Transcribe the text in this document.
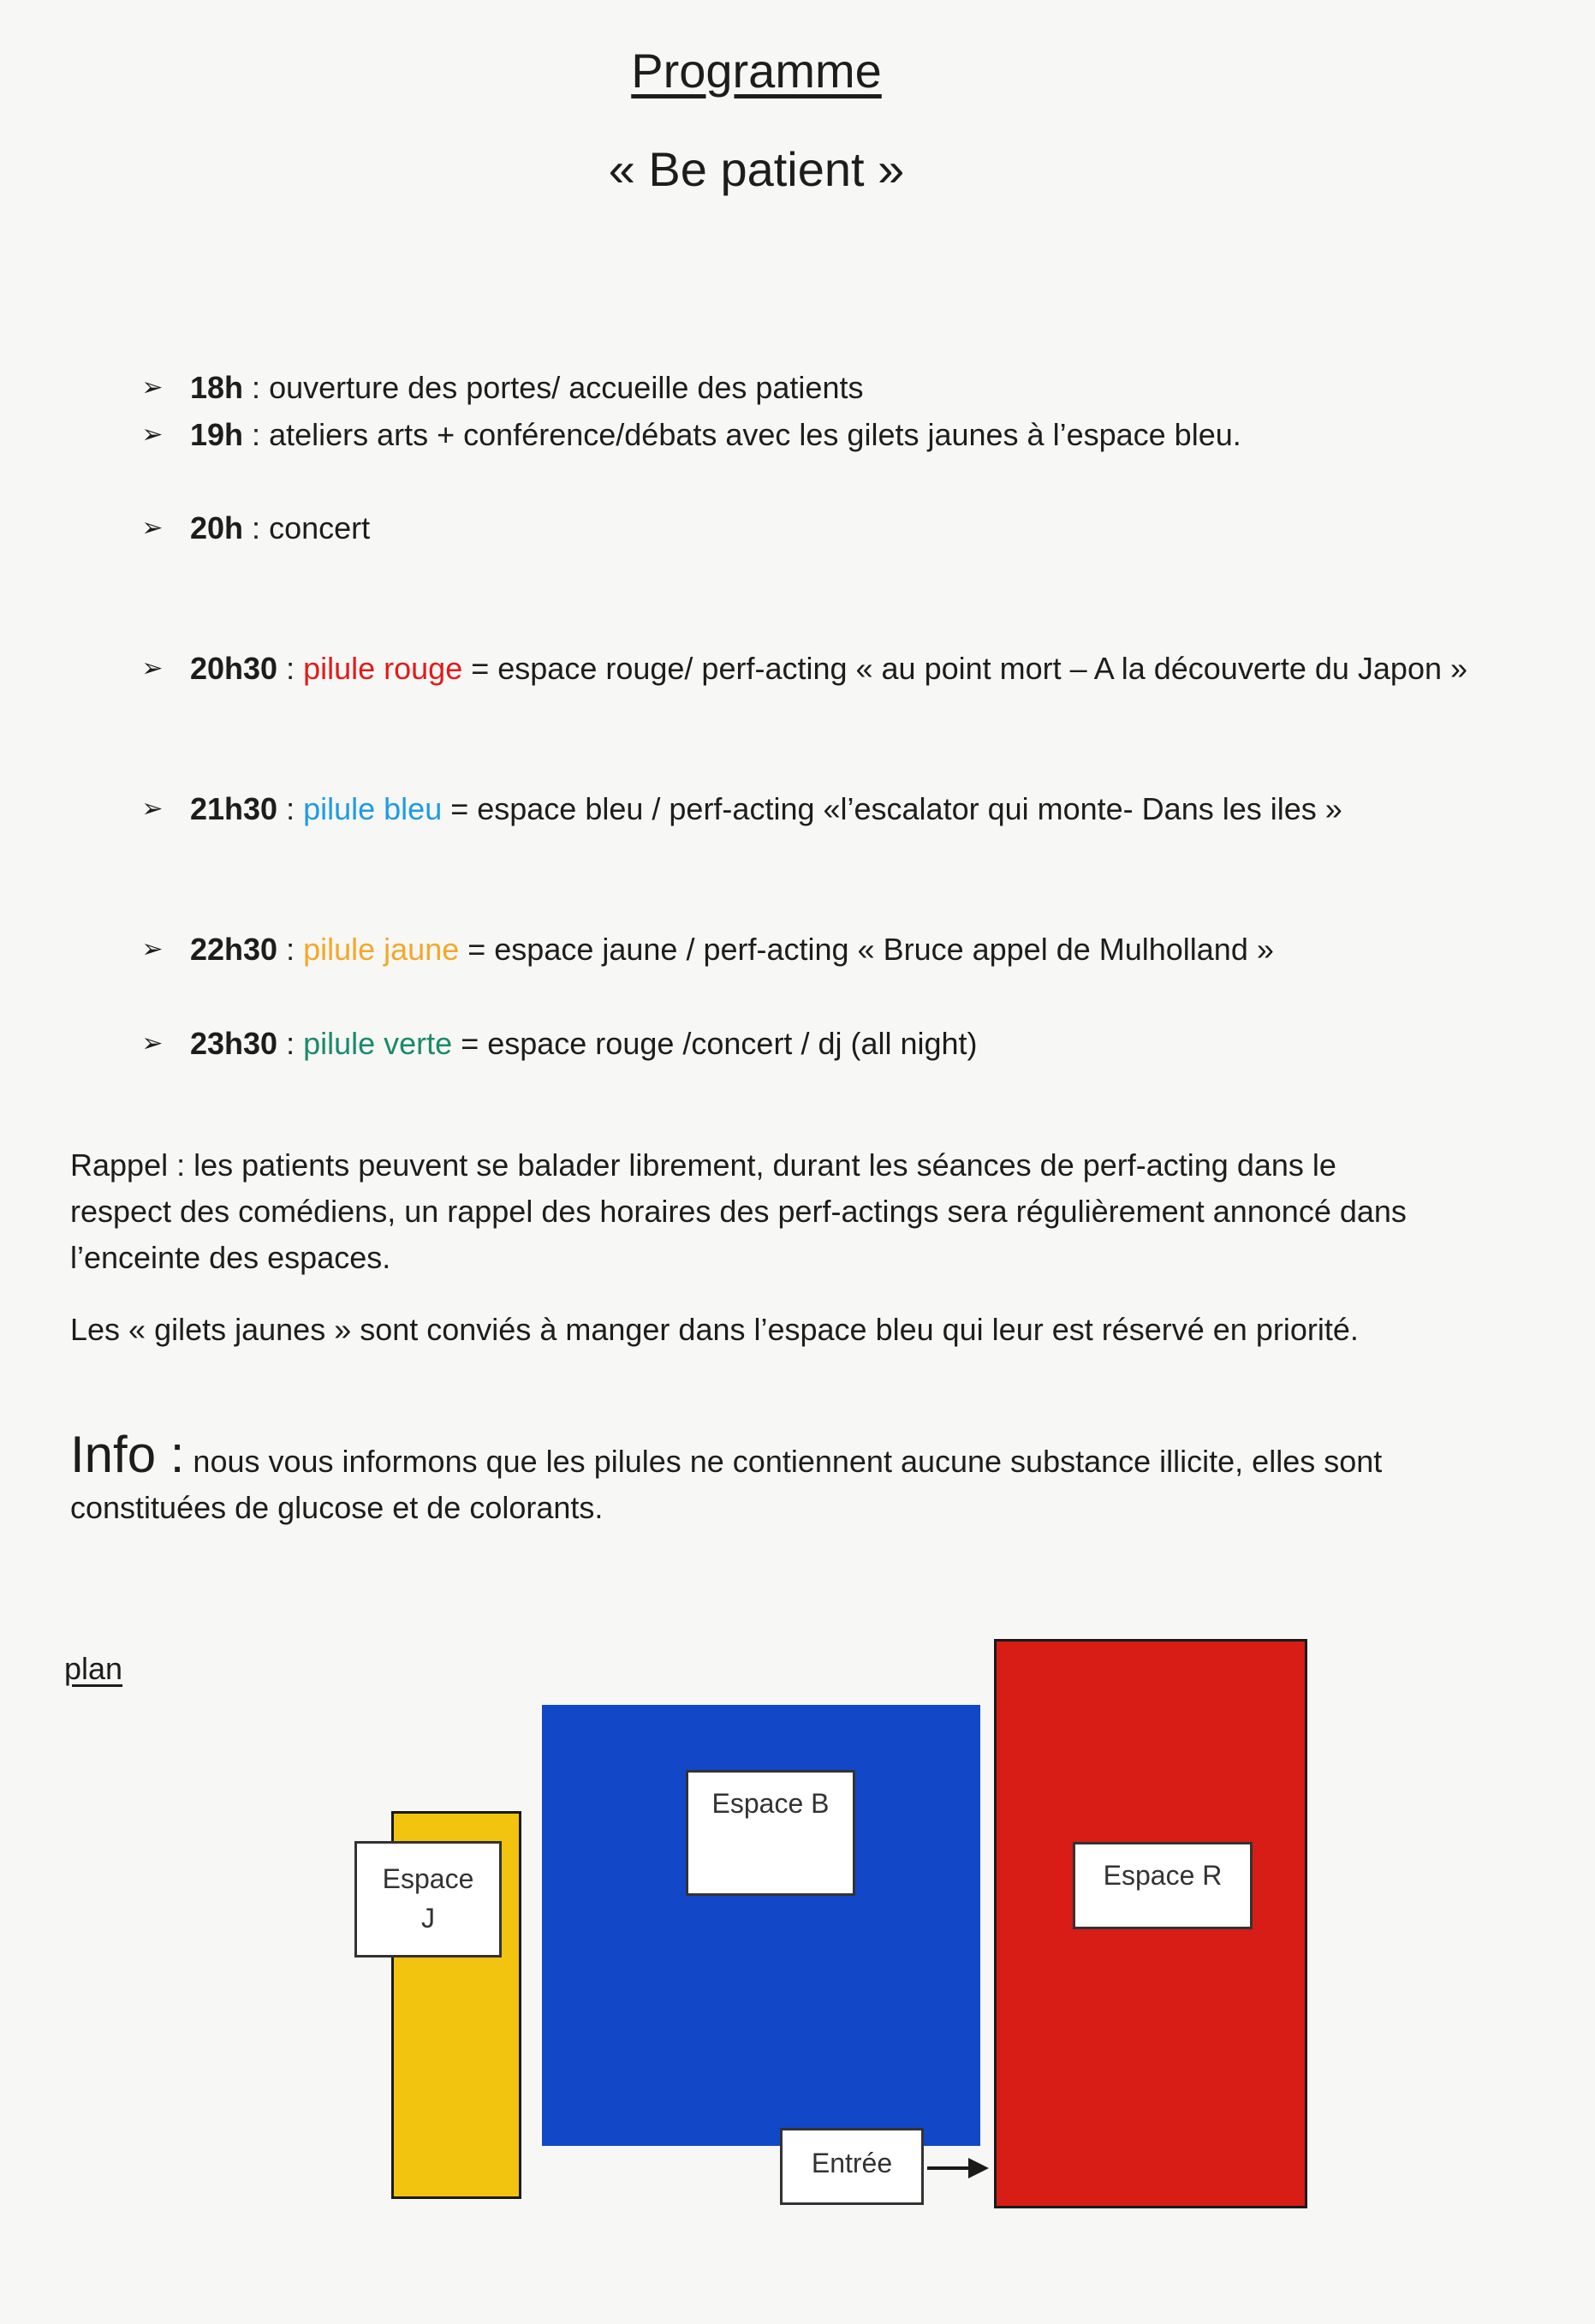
Programme
« Be patient »
➢ 18h : ouverture des portes/ accueille des patients
➢ 19h : ateliers arts + conférence/débats avec les gilets jaunes à l’espace bleu.
➢ 20h : concert
➢ 20h30 : pilule rouge = espace rouge/ perf-acting « au point mort – A la découverte du Japon »
➢ 21h30 : pilule bleu = espace bleu / perf-acting «l’escalator qui monte- Dans les iles »
➢ 22h30 : pilule jaune = espace jaune / perf-acting « Bruce appel de Mulholland »
➢ 23h30 : pilule verte = espace rouge /concert / dj (all night)
Rappel : les patients peuvent se balader librement, durant les séances de perf-acting dans le respect des comédiens, un rappel des horaires des perf-actings sera régulièrement annoncé dans l’enceinte des espaces.
Les « gilets jaunes » sont conviés à manger dans l’espace bleu qui leur est réservé en priorité.
Info : nous vous informons que les pilules ne contiennent aucune substance illicite, elles sont constituées de glucose et de colorants.
plan
Espace
J
Espace B
Espace R
Entrée
